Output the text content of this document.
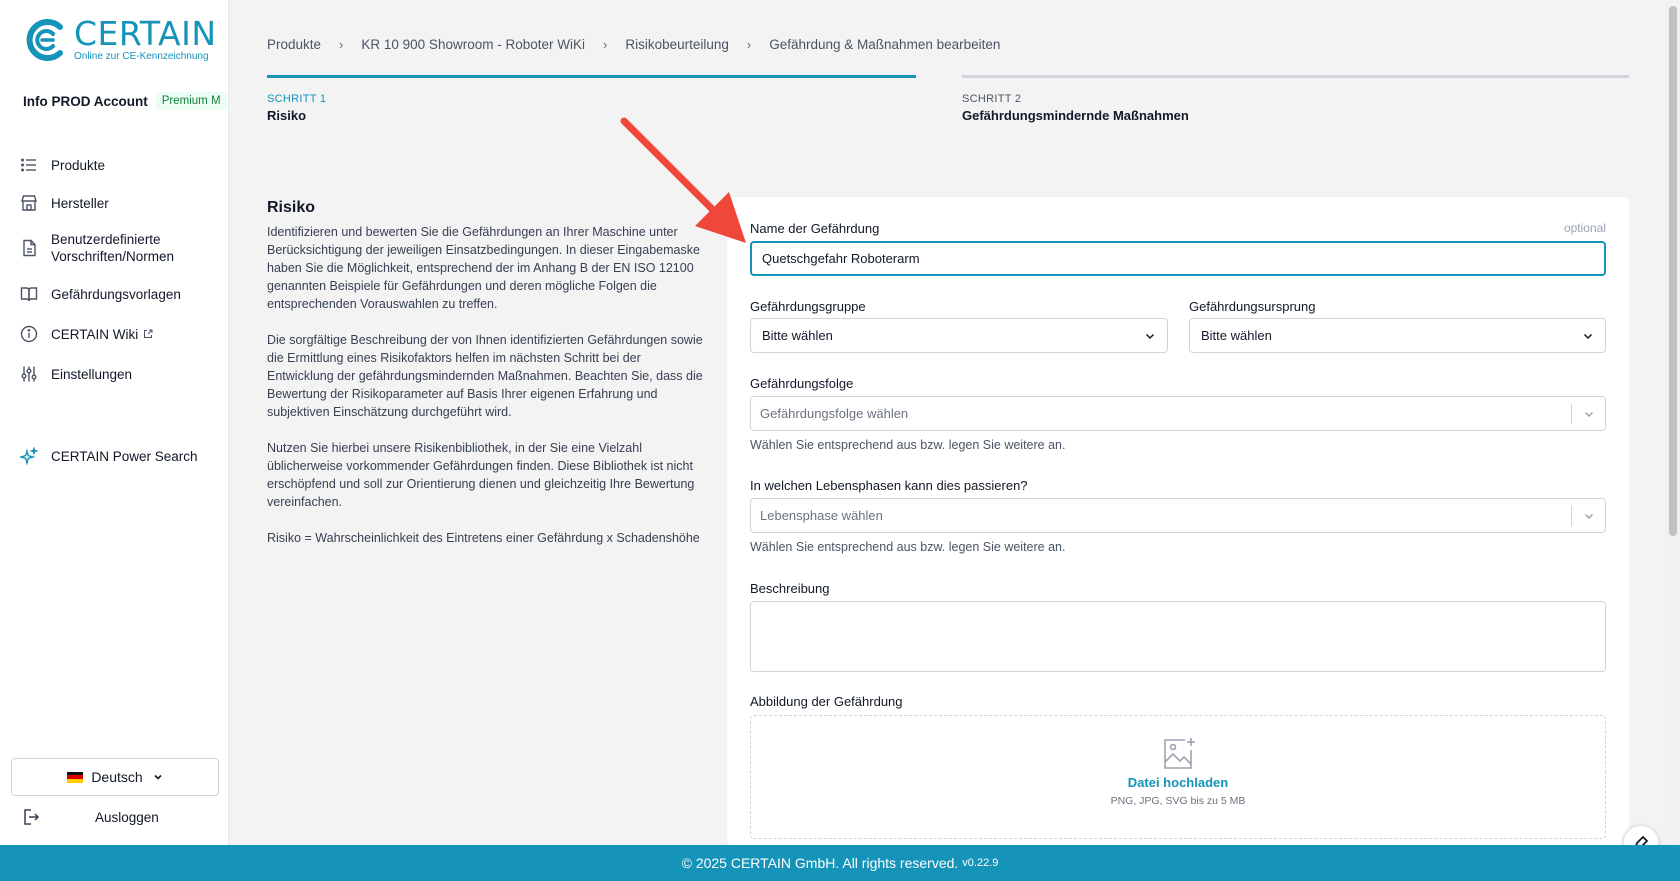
CERTAIN
Online zur CE-Kennzeichnung
Info PROD Account	Premium M
Produkte
Hersteller
Benutzerdefinierte Vorschriften/Normen
Gefährdungsvorlagen
CERTAIN Wiki
Einstellungen
CERTAIN Power Search
Deutsch
Ausloggen
Produkte › KR 10 900 Showroom - Roboter WiKi › Risikobeurteilung › Gefährdung & Maßnahmen bearbeiten
SCHRITT 1
Risiko
SCHRITT 2
Gefährdungsmindernde Maßnahmen
Risiko

Identifizieren und bewerten Sie die Gefährdungen an Ihrer Maschine unter Berücksichtigung der jeweiligen Einsatzbedingungen. In dieser Eingabemaske haben Sie die Möglichkeit, entsprechend der im Anhang B der EN ISO 12100 genannten Beispiele für Gefährdungen und deren mögliche Folgen die entsprechenden Vorauswahlen zu treffen.

Die sorgfältige Beschreibung der von Ihnen identifizierten Gefährdungen sowie die Ermittlung eines Risikofaktors helfen im nächsten Schritt bei der Entwicklung der gefährdungsmindernden Maßnahmen. Beachten Sie, dass die Bewertung der Risikoparameter auf Basis Ihrer eigenen Erfahrung und subjektiven Einschätzung durchgeführt wird.

Nutzen Sie hierbei unsere Risikenbibliothek, in der Sie eine Vielzahl üblicherweise vorkommender Gefährdungen finden. Diese Bibliothek ist nicht erschöpfend und soll zur Orientierung dienen und gleichzeitig Ihre Bewertung vereinfachen.

Risiko = Wahrscheinlichkeit des Eintretens einer Gefährdung x Schadenshöhe

Name der Gefährdung	optional
Quetschgefahr Roboterarm
Gefährdungsgruppe
Bitte wählen
Gefährdungsursprung
Bitte wählen
Gefährdungsfolge
Gefährdungsfolge wählen
Wählen Sie entsprechend aus bzw. legen Sie weitere an.
In welchen Lebensphasen kann dies passieren?
Lebensphase wählen
Wählen Sie entsprechend aus bzw. legen Sie weitere an.
Beschreibung
Abbildung der Gefährdung
Datei hochladen
PNG, JPG, SVG bis zu 5 MB
© 2025 CERTAIN GmbH. All rights reserved. v0.22.9
